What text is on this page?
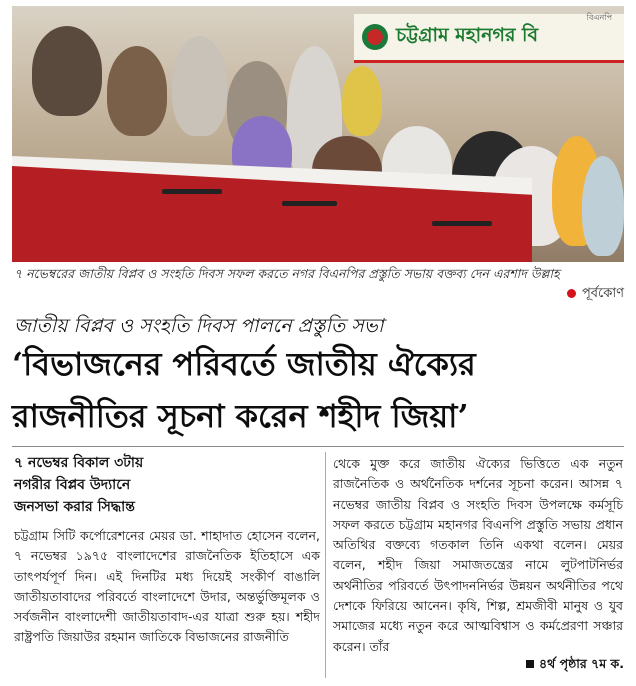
বিএনপি
চট্টগ্রাম মহানগর বি
৭ নভেম্বরের জাতীয় বিপ্লব ও সংহতি দিবস সফল করতে নগর বিএনপির প্রস্তুতি সভায় বক্তব্য দেন এরশাদ উল্লাহ
পূর্বকোণ
জাতীয় বিপ্লব ও সংহতি দিবস পালনে প্রস্তুতি সভা
‘বিভাজনের পরিবর্তে জাতীয় ঐক্যের
রাজনীতির সূচনা করেন শহীদ জিয়া’
৭ নভেম্বর বিকাল ৩টায়
নগরীর বিপ্লব উদ্যানে
জনসভা করার সিদ্ধান্ত
চট্টগ্রাম সিটি কর্পোরেশনের মেয়র ডা. শাহাদাত হোসেন বলেন, ৭ নভেম্বর ১৯৭৫ বাংলাদেশের রাজনৈতিক ইতিহাসে এক তাৎপর্যপূর্ণ দিন। এই দিনটির মধ্য দিয়েই সংকীর্ণ বাঙালি জাতীয়তাবাদের পরিবর্তে বাংলাদেশে উদার, অন্তর্ভুক্তিমূলক ও সর্বজনীন বাংলাদেশী জাতীয়তাবাদ-এর যাত্রা শুরু হয়। শহীদ রাষ্ট্রপতি জিয়াউর রহমান জাতিকে বিভাজনের রাজনীতি
থেকে মুক্ত করে জাতীয় ঐক্যের ভিত্তিতে এক নতুন রাজনৈতিক ও অর্থনৈতিক দর্শনের সূচনা করেন। আসন্ন ৭ নভেম্বর জাতীয় বিপ্লব ও সংহতি দিবস উপলক্ষে কর্মসূচি সফল করতে চট্টগ্রাম মহানগর বিএনপি প্রস্তুতি সভায় প্রধান অতিথির বক্তব্যে গতকাল তিনি একথা বলেন। মেয়র বলেন, শহীদ জিয়া সমাজতন্ত্রের নামে লুটপাটনির্ভর অর্থনীতির পরিবর্তে উৎপাদননির্ভর উন্নয়ন অর্থনীতির পথে দেশকে ফিরিয়ে আনেন। কৃষি, শিল্প, শ্রমজীবী মানুষ ও যুব সমাজের মধ্যে নতুন করে আত্মবিশ্বাস ও কর্মপ্রেরণা সঞ্চার করেন। তাঁর
৪র্থ পৃষ্ঠার ৭ম ক.
